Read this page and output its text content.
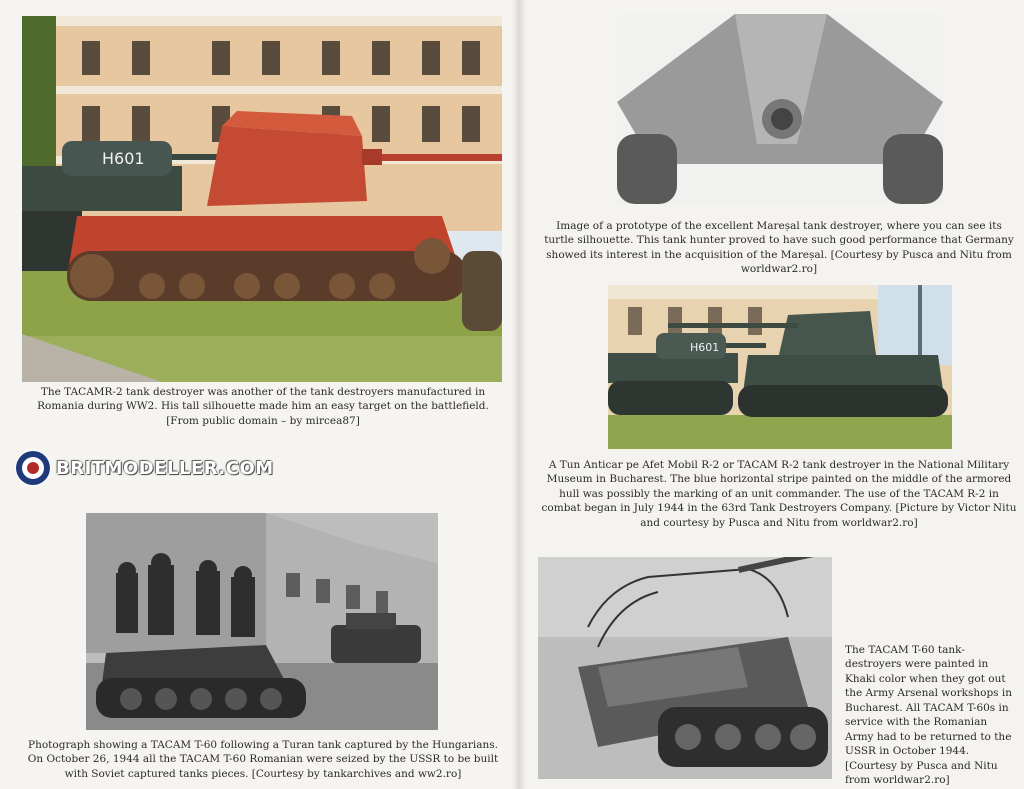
H601
The TACAMR-2 tank destroyer was another of the tank destroyers manufactured in Romania during WW2. His tall silhouette made him an easy target on the battlefield. [From public domain – by mircea87]
BRITMODELLER.COM
Photograph showing a TACAM T-60 following a Turan tank captured by the Hungarians. On October 26, 1944 all the TACAM T-60 Romanian were seized by the USSR to be built with Soviet captured tanks pieces. [Courtesy by tankarchives and ww2.ro]
Image of a prototype of the excellent Mareșal tank destroyer, where you can see its turtle silhouette. This tank hunter proved to have such good performance that Germany showed its interest in the acquisition of the Mareșal. [Courtesy by Pusca and Nitu from worldwar2.ro]
H601
A Tun Anticar pe Afet Mobil R-2 or TACAM R-2 tank destroyer in the National Military Museum in Bucharest. The blue horizontal stripe painted on the middle of the armored hull was possibly the marking of an unit commander. The use of the TACAM R-2 in combat began in July 1944 in the 63rd Tank Destroyers Company. [Picture by Victor Nitu and courtesy by Pusca and Nitu from worldwar2.ro]
The TACAM T-60 tank-destroyers were painted in Khaki color when they got out the Army Arsenal workshops in Bucharest. All TACAM T-60s in service with the Romanian Army had to be returned to the USSR in October 1944. [Courtesy by Pusca and Nitu from worldwar2.ro]
